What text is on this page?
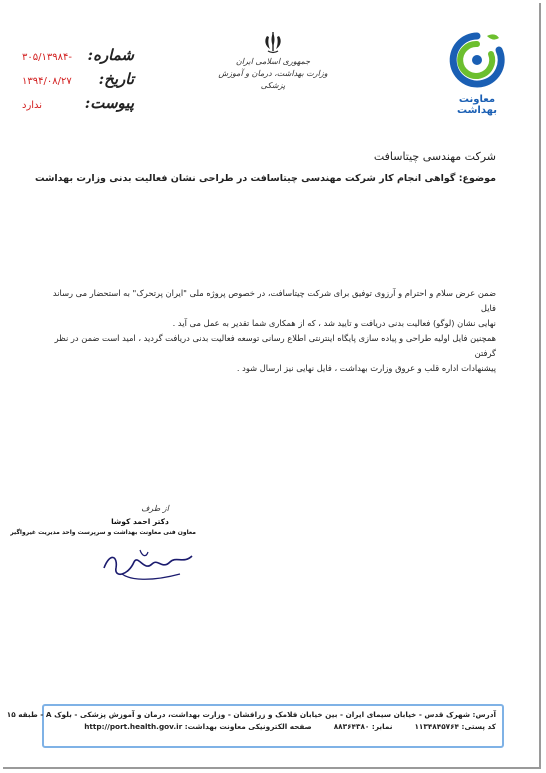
شماره:
۳۰۵/۱۳۹۸۴-
تاریخ:
۱۳۹۴/۰۸/۲۷
پیوست:
ندارد
جمهوری اسلامی ایران
وزارت بهداشت، درمان و آموزش پزشکی
معاونت بهداشت
شرکت مهندسی چیتاسافت
موضوع: گواهی انجام کار شرکت مهندسی چیتاسافت در طراحی نشان فعالیت بدنی وزارت بهداشت

ضمن عرض سلام و احترام و آرزوی توفیق برای شرکت چیتاسافت، در خصوص پروژه ملی "ایران پرتحرک" به استحضار می رساند فایل

نهایی نشان (لوگو) فعالیت بدنی دریافت و تایید شد ، که از همکاری شما تقدیر به عمل می آید .

همچنین فایل اولیه طراحی و پیاده سازی پایگاه اینترنتی اطلاع رسانی توسعه فعالیت بدنی دریافت گردید ، امید است ضمن در نظر گرفتن

پیشنهادات اداره قلب و عروق وزارت بهداشت ، فایل نهایی نیز ارسال شود .

از طرف
دکتر احمد کوشا
معاون فنی معاونت بهداشت و سرپرست واحد مدیریت غیرواگیر
آدرس: شهرک قدس - خیابان سیمای ایران - بین خیابان فلامک و زرافشان - وزارت بهداشت، درمان و آموزش پزشکی - بلوک A - طبقه ۱۵
کد پستی: ۱۱۳۴۸۴۵۷۶۴
نمابر: ۸۸۳۶۴۳۸۰
صفحه الکترونیکی معاونت بهداشت: http://port.health.gov.ir
